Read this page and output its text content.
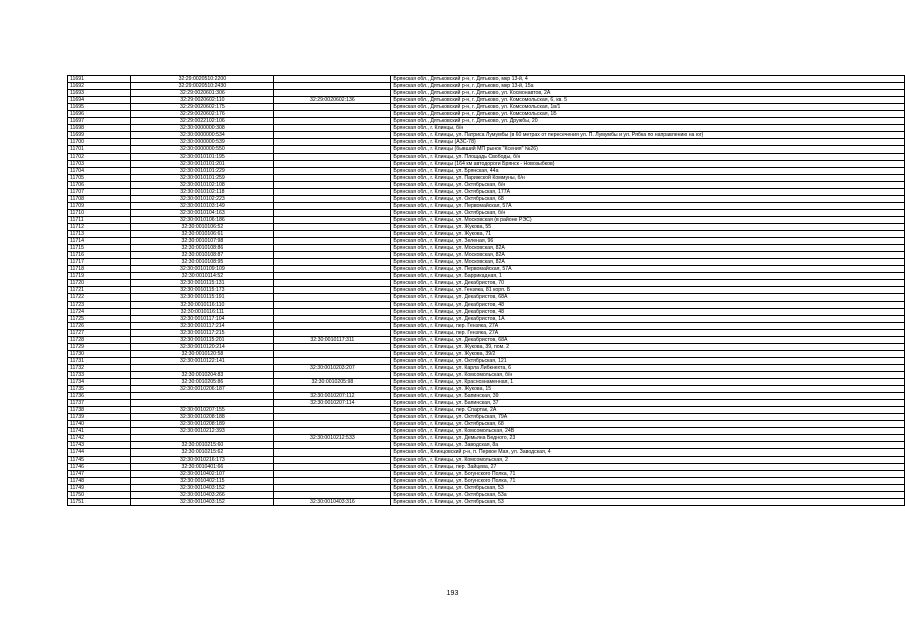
11691	32:29:0020510:2200		Брянская обл., Дятьковский р-н, г. Дятьково, мкр 13-й, 4
11692	32:29:0020510:2430		Брянская обл., Дятьковский р-н, г. Дятьково, мкр 13-й, 15а
11693	32:29:0020601:306		Брянская обл., Дятьковский р-н, г. Дятьково, ул. Космонавтов, 2А
11694	32:29:0020602:110	32:29:0020602:136	Брянская обл., Дятьковский р-н, г. Дятьково, ул. Комсомольская, 6, кв. 5
11695	32:29:0020602:175		Брянская обл., Дятьковский р-н, г. Дятьково, ул. Комсомольская, 1в/1
11696	32:29:0020602:176		Брянская обл., Дятьковский р-н, г. Дятьково, ул. Комсомольская, 1Б
11697	32:29:0022102:106		Брянская обл., Дятьковский р-н, г. Дятьково, ул. Дружбы, 20
11698	32:30:0000000:308		Брянская обл., г. Клинцы, б/н
11699	32:30:0000000:534		Брянская обл., г. Клинцы, ул. Патриса Лумумбы (в 60 метрах от пересечения ул. П. Лумумбы и ул. Рябка по направлению на юг)
11700	32:30:0000000:539		Брянская обл., г. Клинцы (АЗС-78)
11701	32:30:0000000:550		Брянская обл., г. Клинцы (бывший МП рынок "Ксения" №26)
11702	32:30:0010101:195		Брянская обл., г. Клинцы, ул. Площадь Свободы, б/н
11703	32:30:0010101:201		Брянская обл., г. Клинцы (164 км автодороги Брянск - Новозыбков)
11704	32:30:0010101:229		Брянская обл., г. Клинцы, ул. Брянская, 44а
11705	32:30:0010101:259		Брянская обл., г. Клинцы, ул. Парижской Коммуны, б/н
11706	32:30:0010102:108		Брянская обл., г. Клинцы, ул. Октябрьская, б/н
11707	32:30:0010102:118		Брянская обл., г. Клинцы, ул. Октябрьская, 177А
11708	32:30:0010102:223		Брянская обл., г. Клинцы, ул. Октябрьская, 68
11709	32:30:0010103:149		Брянская обл., г. Клинцы, ул. Первомайская, 57А
11710	32:30:0010104:163		Брянская обл., г. Клинцы, ул. Октябрьская, б/н
11711	32:30:0010106:186		Брянская обл., г. Клинцы, ул. Московская (в районе РЭС)
11712	32:30:0010106:52		Брянская обл., г. Клинцы, ул. Жукова, 55
11713	32:30:0010106:61		Брянская обл., г. Клинцы, ул. Жукова, 71
11714	32:30:0010107:98		Брянская обл., г. Клинцы, ул. Зеленая, 96
11715	32:30:0010108:86		Брянская обл., г. Клинцы, ул. Московская, 82А
11716	32:30:0010108:87		Брянская обл., г. Клинцы, ул. Московская, 82А
11717	32:30:0010108:95		Брянская обл., г. Клинцы, ул. Московская, 82А
11718	32:30:0010109:109		Брянская обл., г. Клинцы, ул. Первомайская, 57А
11719	32:30:0010114:52		Брянская обл., г. Клинцы, ул. Баррикадная, 1
11720	32:30:0010115:131		Брянская обл., г. Клинцы, ул. Декабристов, 70
11721	32:30:0010115:173		Брянская обл., г. Клинцы, ул. Гензяка, 81 корп. Б
11722	32:30:0010115:191		Брянская обл., г. Клинцы, ул. Декабристов, 68А
11723	32:30:0010116:110		Брянская обл., г. Клинцы, ул. Декабристов, 48
11724	32:30:0010116:111		Брянская обл., г. Клинцы, ул. Декабристов, 48
11725	32:30:0010117:104		Брянская обл., г. Клинцы, ул. Декабристов, 1А
11726	32:30:0010117:214		Брянская обл., г. Клинцы, пер. Гензяка, 27А
11727	32:30:0010117:215		Брянская обл., г. Клинцы, пер. Гензяка, 27А
11728	32:30:0010115:201	32:30:0010117:311	Брянская обл., г. Клинцы, ул. Декабристов, 68А
11729	32:30:0010120:214		Брянская обл., г. Клинцы, ул. Жукова, 39, пом. 2
11730	32:30:0010120:58		Брянская обл., г. Клинцы, ул. Жукова, 39/2
11731	32:30:0010122:141		Брянская обл., г. Клинцы, ул. Октябрьская, 121
11732		32:30:0010203:207	Брянская обл., г. Клинцы, ул. Карла Либкнехта, 6
11733	32:30:0010204:83		Брянская обл., г. Клинцы, ул. Комсомольская, б/н
11734	32:30:0010205:86	32:30:0010205:98	Брянская обл., г. Клинцы, ул. Краснознаменная, 1
11735	32:30:0010206:187		Брянская обл., г. Клинцы, ул. Жукова, 15
11736		32:30:0010207:112	Брянская обл., г. Клинцы, ул. Бапинская, 39
11737		32:30:0010207:114	Брянская обл., г. Клинцы, ул. Бапинская, 37
11738	32:30:0010207:155		Брянская обл., г. Клинцы, пер. Спартак, 2А
11739	32:30:0010208:188		Брянская обл., г. Клинцы, ул. Октябрьская, 79А
11740	32:30:0010208:189		Брянская обл., г. Клинцы, ул. Октябрьская, 68
11741	32:30:0010212:393		Брянская обл., г. Клинцы, ул. Комсомольская, 24В
11742		32:30:0010212:533	Брянская обл., г. Клинцы, ул. Демьяна Бедного, 23
11743	32:30:0010215:60		Брянская обл., г. Клинцы, ул. Заводская, 8а
11744	32:30:0010215:62		Брянская обл., Клинцовский р-н, п. Первое Мая, ул. Заводская, 4
11745	32:30:0010216:173		Брянская обл., г. Клинцы, ул. Комсомольская, 2
11746	32:30:0010401:66		Брянская обл., г. Клинцы, пер. Зайцева, 27
11747	32:30:0010402:107		Брянская обл., г. Клинцы, ул. Богунского Полка, 71
11748	32:30:0010402:115		Брянская обл., г. Клинцы, ул. Богунского Полка, 71
11749	32:30:0010403:152		Брянская обл., г. Клинцы, ул. Октябрьская, 53
11750	32:30:0010403:266		Брянская обл., г. Клинцы, ул. Октябрьская, 53а
11751	32:30:0010403:152	32:30:0010403:316	Брянская обл., г. Клинцы, ул. Октябрьская, 53
193
